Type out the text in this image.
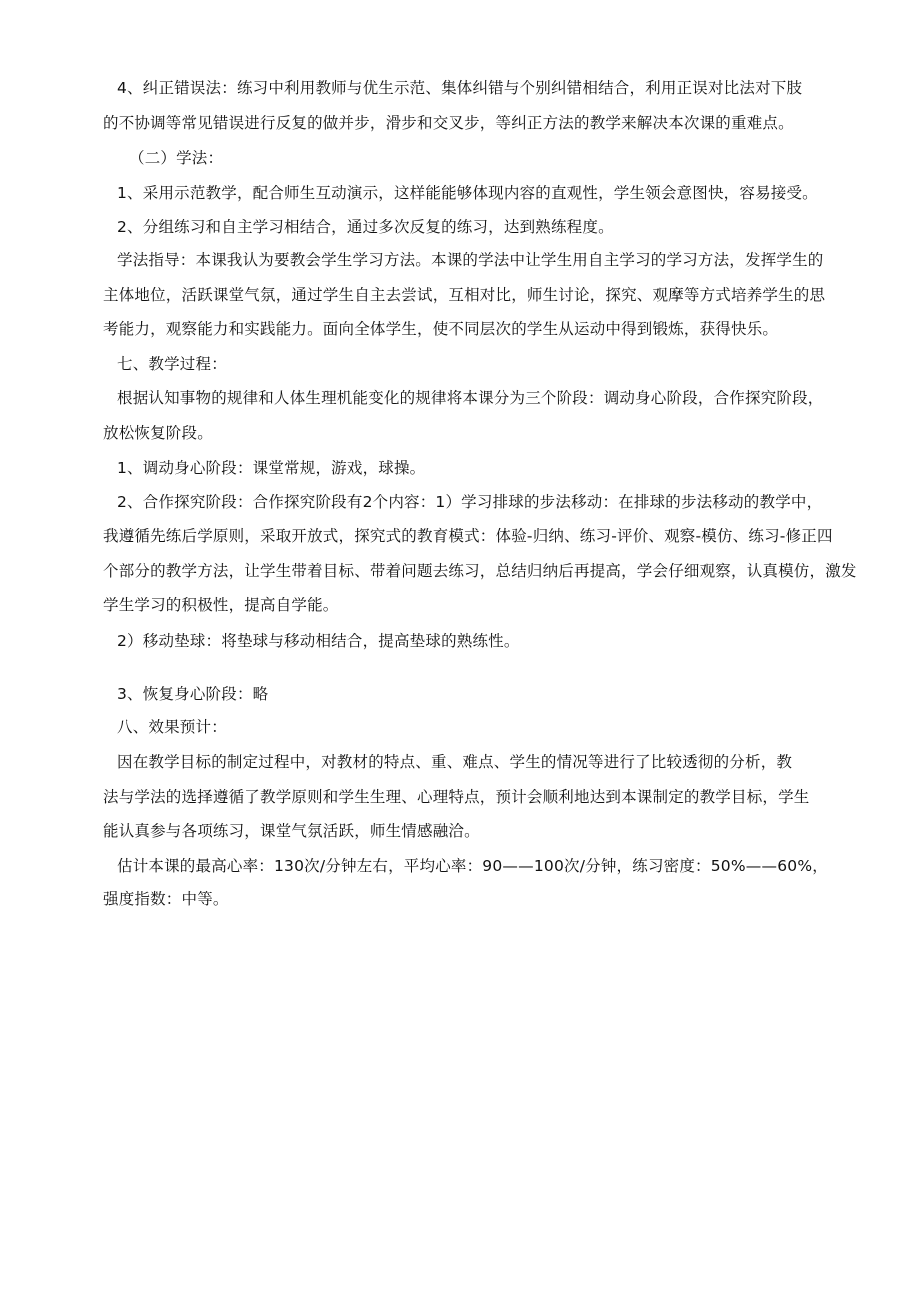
4、纠正错误法：练习中利用教师与优生示范、集体纠错与个别纠错相结合，利用正误对比法对下肢
的不协调等常见错误进行反复的做并步，滑步和交叉步，等纠正方法的教学来解决本次课的重难点。
（二）学法：
1、采用示范教学，配合师生互动演示，这样能能够体现内容的直观性，学生领会意图快，容易接受。
2、分组练习和自主学习相结合，通过多次反复的练习，达到熟练程度。
学法指导：本课我认为要教会学生学习方法。本课的学法中让学生用自主学习的学习方法，发挥学生的
主体地位，活跃课堂气氛，通过学生自主去尝试，互相对比，师生讨论，探究、观摩等方式培养学生的思
考能力，观察能力和实践能力。面向全体学生，使不同层次的学生从运动中得到锻炼，获得快乐。
七、教学过程：
根据认知事物的规律和人体生理机能变化的规律将本课分为三个阶段：调动身心阶段，合作探究阶段，
放松恢复阶段。
1、调动身心阶段：课堂常规，游戏，球操。
2、合作探究阶段：合作探究阶段有2个内容：1）学习排球的步法移动：在排球的步法移动的教学中，
我遵循先练后学原则，采取开放式，探究式的教育模式：体验-归纳、练习-评价、观察-模仿、练习-修正四
个部分的教学方法，让学生带着目标、带着问题去练习，总结归纳后再提高，学会仔细观察，认真模仿，激发
学生学习的积极性，提高自学能。
2）移动垫球：将垫球与移动相结合，提高垫球的熟练性。
3、恢复身心阶段：略
八、效果预计：
因在教学目标的制定过程中，对教材的特点、重、难点、学生的情况等进行了比较透彻的分析，教
法与学法的选择遵循了教学原则和学生生理、心理特点，预计会顺利地达到本课制定的教学目标，学生
能认真参与各项练习，课堂气氛活跃，师生情感融洽。
估计本课的最高心率：130次/分钟左右，平均心率：90——100次/分钟，练习密度：50%——60%，
强度指数：中等。
